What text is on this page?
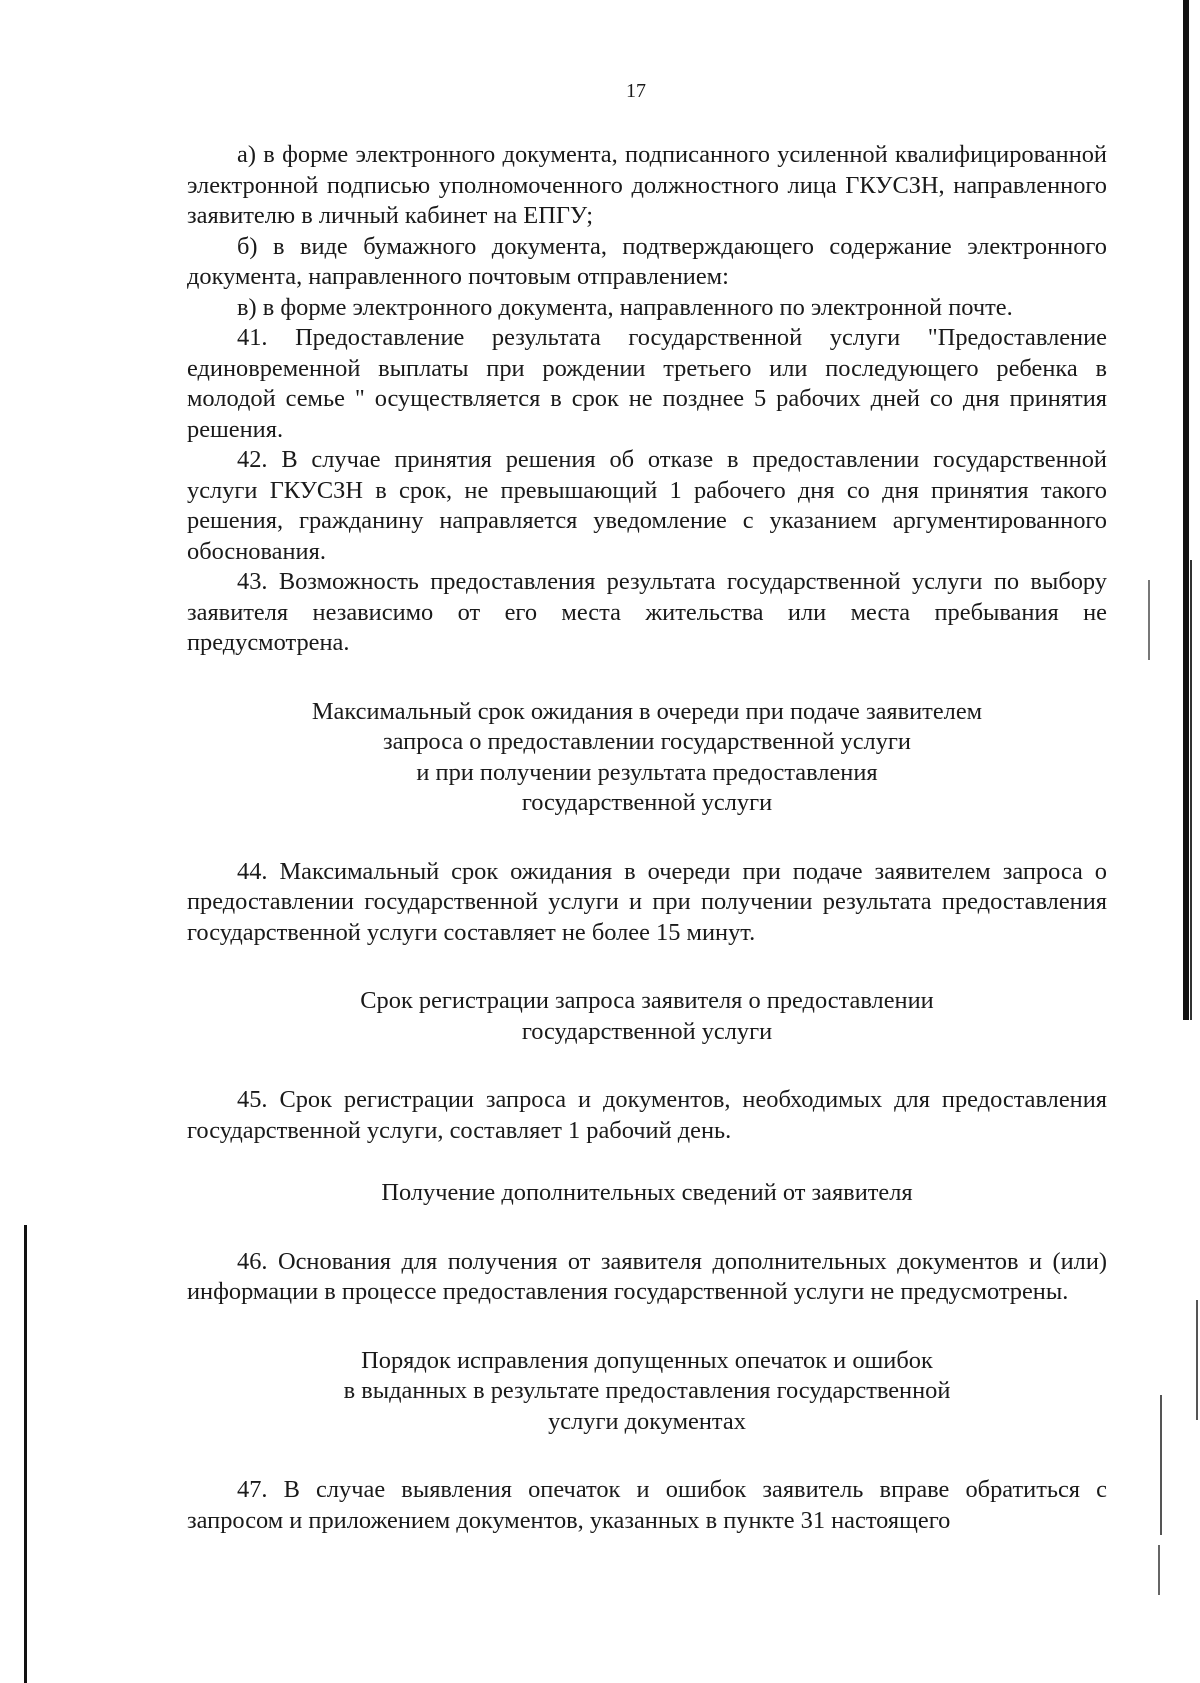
17

а) в форме электронного документа, подписанного усиленной квалифицированной электронной подписью уполномоченного должностного лица ГКУСЗН, направленного заявителю в личный кабинет на ЕПГУ;

б) в виде бумажного документа, подтверждающего содержание электронного документа, направленного почтовым отправлением:

в) в форме электронного документа, направленного по электронной почте.

41. Предоставление результата государственной услуги "Предоставление единовременной выплаты при рождении третьего или последующего ребенка в молодой семье " осуществляется в срок не позднее 5 рабочих дней со дня принятия решения.

42. В случае принятия решения об отказе в предоставлении государственной услуги ГКУСЗН в срок, не превышающий 1 рабочего дня со дня принятия такого решения, гражданину направляется уведомление с указанием аргументированного обоснования.

43. Возможность предоставления результата государственной услуги по выбору заявителя независимо от его места жительства или места пребывания не предусмотрена.

Максимальный срок ожидания в очереди при подаче заявителем
запроса о предоставлении государственной услуги
и при получении результата предоставления
государственной услуги

44. Максимальный срок ожидания в очереди при подаче заявителем запроса о предоставлении государственной услуги и при получении результата предоставления государственной услуги составляет не более 15 минут.

Срок регистрации запроса заявителя о предоставлении
государственной услуги

45. Срок регистрации запроса и документов, необходимых для предоставления государственной услуги, составляет 1 рабочий день.

Получение дополнительных сведений от заявителя

46. Основания для получения от заявителя дополнительных документов и (или) информации в процессе предоставления государственной услуги не предусмотрены.

Порядок исправления допущенных опечаток и ошибок
в выданных в результате предоставления государственной
услуги документах

47. В случае выявления опечаток и ошибок заявитель вправе обратиться с запросом и приложением документов, указанных в пункте 31 настоящего
